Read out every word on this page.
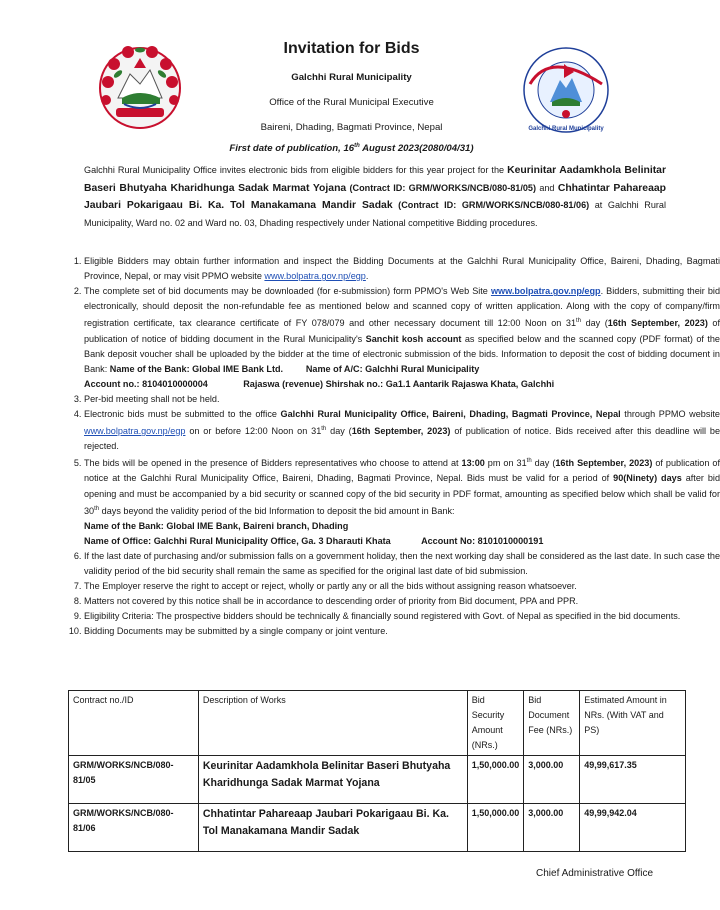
Galchhi Rural Municipality
Invitation for Bids
Galchhi Rural Municipality
Office of the Rural Municipal Executive
Baireni, Dhading, Bagmati Province, Nepal
First date of publication, 16th August 2023(2080/04/31)
Galchhi Rural Municipality Office invites electronic bids from eligible bidders for this year project for the Keurinitar Aadamkhola Belinitar Baseri Bhutyaha Kharidhunga Sadak Marmat Yojana (Contract ID: GRM/WORKS/NCB/080-81/05) and Chhatintar Pahareaap Jaubari Pokarigaau Bi. Ka. Tol Manakamana Mandir Sadak (Contract ID: GRM/WORKS/NCB/080-81/06) at Galchhi Rural Municipality, Ward no. 02 and Ward no. 03, Dhading respectively under National competitive Bidding procedures.
1. Eligible Bidders may obtain further information and inspect the Bidding Documents at the Galchhi Rural Municipality Office, Baireni, Dhading, Bagmati Province, Nepal, or may visit PPMO website www.bolpatra.gov.np/egp.
2. The complete set of bid documents may be downloaded (for e-submission) form PPMO's Web Site www.bolpatra.gov.np/egp. Bidders, submitting their bid electronically, should deposit the non-refundable fee as mentioned below and scanned copy of written application. Along with the copy of company/firm registration certificate, tax clearance certificate of FY 078/079 and other necessary document till 12:00 Noon on 31th day (16th September, 2023) of publication of notice of bidding document in the Rural Municipality's Sanchit kosh account as specified below and the scanned copy (PDF format) of the Bank deposit voucher shall be uploaded by the bidder at the time of electronic submission of the bids. Information to deposit the cost of bidding document in Bank: Name of the Bank: Global IME Bank Ltd.	Name of A/C: Galchhi Rural Municipality
Account no.: 8104010000004	Rajaswa (revenue) Shirshak no.: Ga1.1 Aantarik Rajaswa Khata, Galchhi
3. Per-bid meeting shall not be held.
4. Electronic bids must be submitted to the office Galchhi Rural Municipality Office, Baireni, Dhading, Bagmati Province, Nepal through PPMO website www.bolpatra.gov.np/egp on or before 12:00 Noon on 31th day (16th September, 2023) of publication of notice. Bids received after this deadline will be rejected.
5. The bids will be opened in the presence of Bidders representatives who choose to attend at 13:00 pm on 31th day (16th September, 2023) of publication of notice at the Galchhi Rural Municipality Office, Baireni, Dhading, Bagmati Province, Nepal. Bids must be valid for a period of 90(Ninety) days after bid opening and must be accompanied by a bid security or scanned copy of the bid security in PDF format, amounting as specified below which shall be valid for 30th days beyond the validity period of the bid Information to deposit the bid amount in Bank:
Name of the Bank: Global IME Bank, Baireni branch, Dhading
Name of Office: Galchhi Rural Municipality Office, Ga. 3 Dharauti Khata	Account No: 8101010000191
6. If the last date of purchasing and/or submission falls on a government holiday, then the next working day shall be considered as the last date. In such case the validity period of the bid security shall remain the same as specified for the original last date of bid submission.
7. The Employer reserve the right to accept or reject, wholly or partly any or all the bids without assigning reason whatsoever.
8. Matters not covered by this notice shall be in accordance to descending order of priority from Bid document, PPA and PPR.
9. Eligibility Criteria: The prospective bidders should be technically & financially sound registered with Govt. of Nepal as specified in the bid documents.
10. Bidding Documents may be submitted by a single company or joint venture.
Contract no./ID	Description of Works	Bid Security Amount (NRs.)	Bid Document Fee (NRs.)	Estimated Amount in NRs. (With VAT and PS)
GRM/WORKS/NCB/080-81/05	Keurinitar Aadamkhola Belinitar Baseri Bhutyaha Kharidhunga Sadak Marmat Yojana	1,50,000.00	3,000.00	49,99,617.35
GRM/WORKS/NCB/080-81/06	Chhatintar Pahareaap Jaubari Pokarigaau Bi. Ka. Tol Manakamana Mandir Sadak	1,50,000.00	3,000.00	49,99,942.04
Chief Administrative Office
